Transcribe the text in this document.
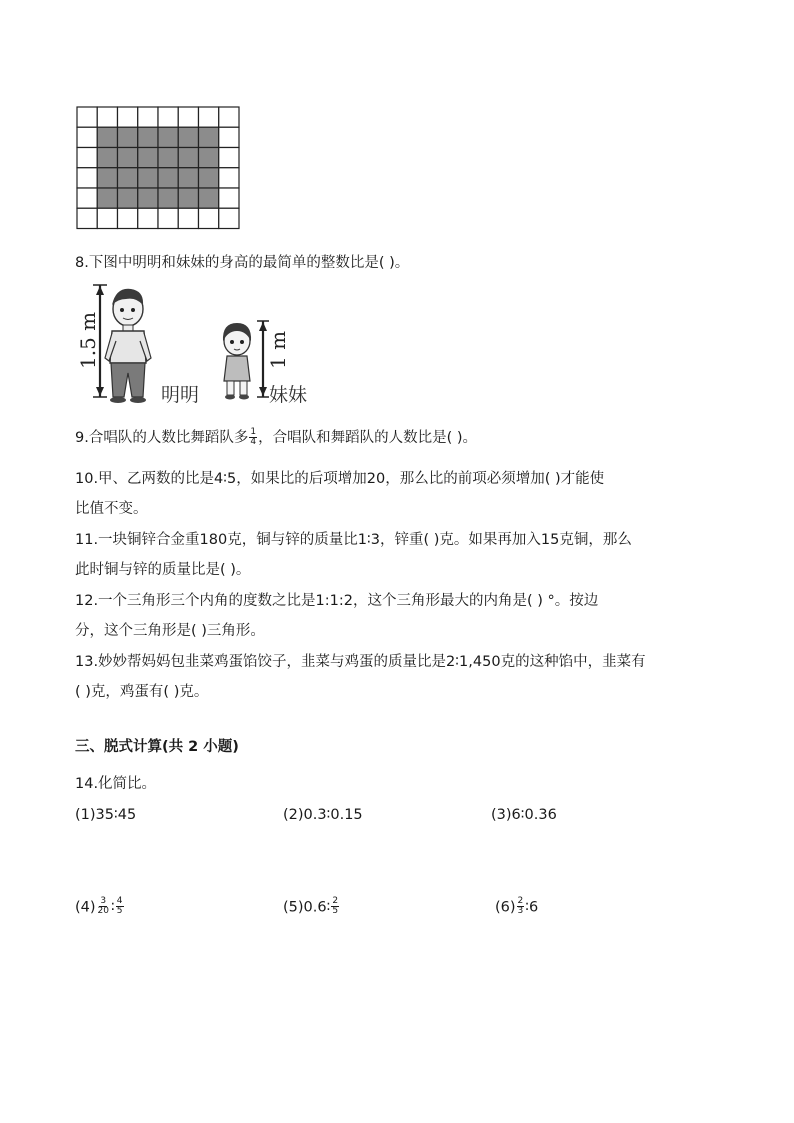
8.下图中明明和妹妹的身高的最简单的整数比是( )。
1.5 m
明明
1 m
妹妹
9.合唱队的人数比舞蹈队多 $\frac{1}{4}$ ，合唱队和舞蹈队的人数比是( )。
10.甲、乙两数的比是4∶5，如果比的后项增加20，那么比的前项必须增加( )才能使
比值不变。
11.一块铜锌合金重180克，铜与锌的质量比1∶3，锌重( )克。如果再加入15克铜，那么
此时铜与锌的质量比是( )。
12.一个三角形三个内角的度数之比是1:1:2，这个三角形最大的内角是( ) °。按边
分，这个三角形是( )三角形。
13.妙妙帮妈妈包韭菜鸡蛋馅饺子，韭菜与鸡蛋的质量比是2∶1,450克的这种馅中，韭菜有
( )克，鸡蛋有( )克。
三、脱式计算(共 2 小题)
14.化简比。
(1)35∶45	(2)0.3∶0.15	(3)6∶0.36
$(4) \frac{3}{20}$ ∶ $\frac{4}{5}$	(5)0.6∶ $\frac{2}{5}$	$(6) \frac{2}{3}$ ∶6
